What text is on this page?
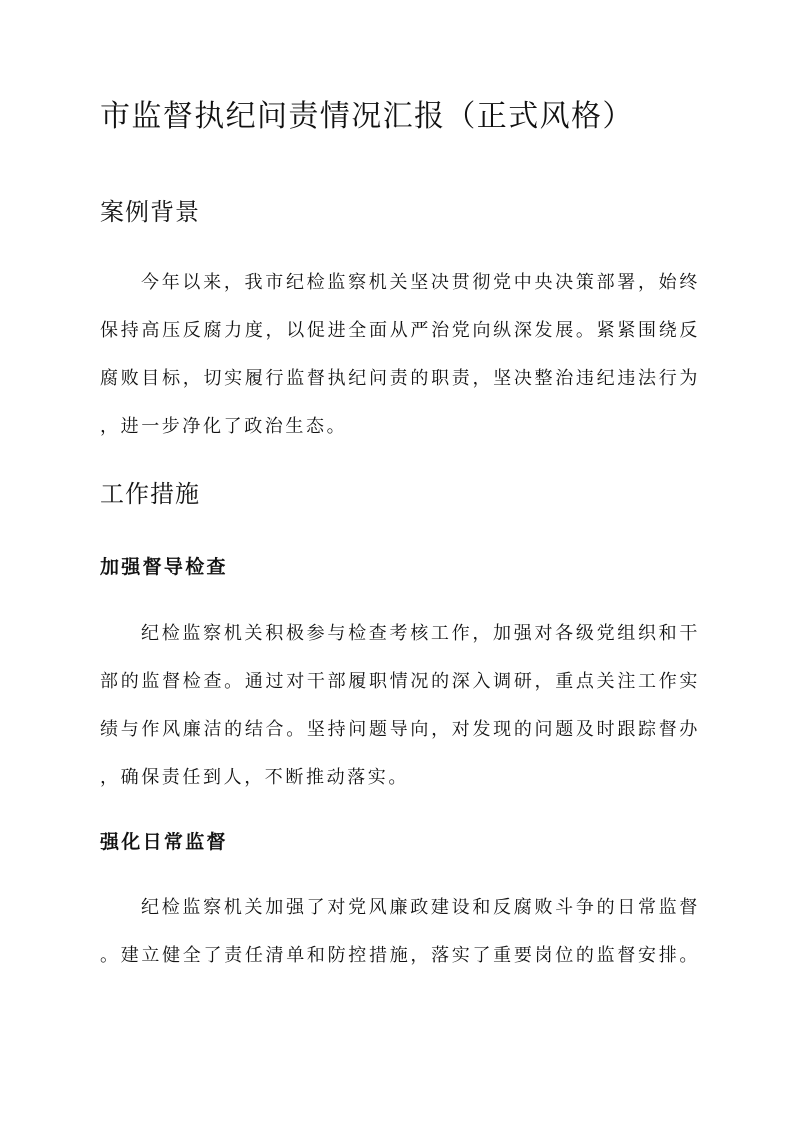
市监督执纪问责情况汇报（正式风格）
案例背景
今年以来，我市纪检监察机关坚决贯彻党中央决策部署，始终
保持高压反腐力度，以促进全面从严治党向纵深发展。紧紧围绕反
腐败目标，切实履行监督执纪问责的职责，坚决整治违纪违法行为
，进一步净化了政治生态。
工作措施
加强督导检查
纪检监察机关积极参与检查考核工作，加强对各级党组织和干
部的监督检查。通过对干部履职情况的深入调研，重点关注工作实
绩与作风廉洁的结合。坚持问题导向，对发现的问题及时跟踪督办
，确保责任到人，不断推动落实。
强化日常监督
纪检监察机关加强了对党风廉政建设和反腐败斗争的日常监督
。建立健全了责任清单和防控措施，落实了重要岗位的监督安排。
